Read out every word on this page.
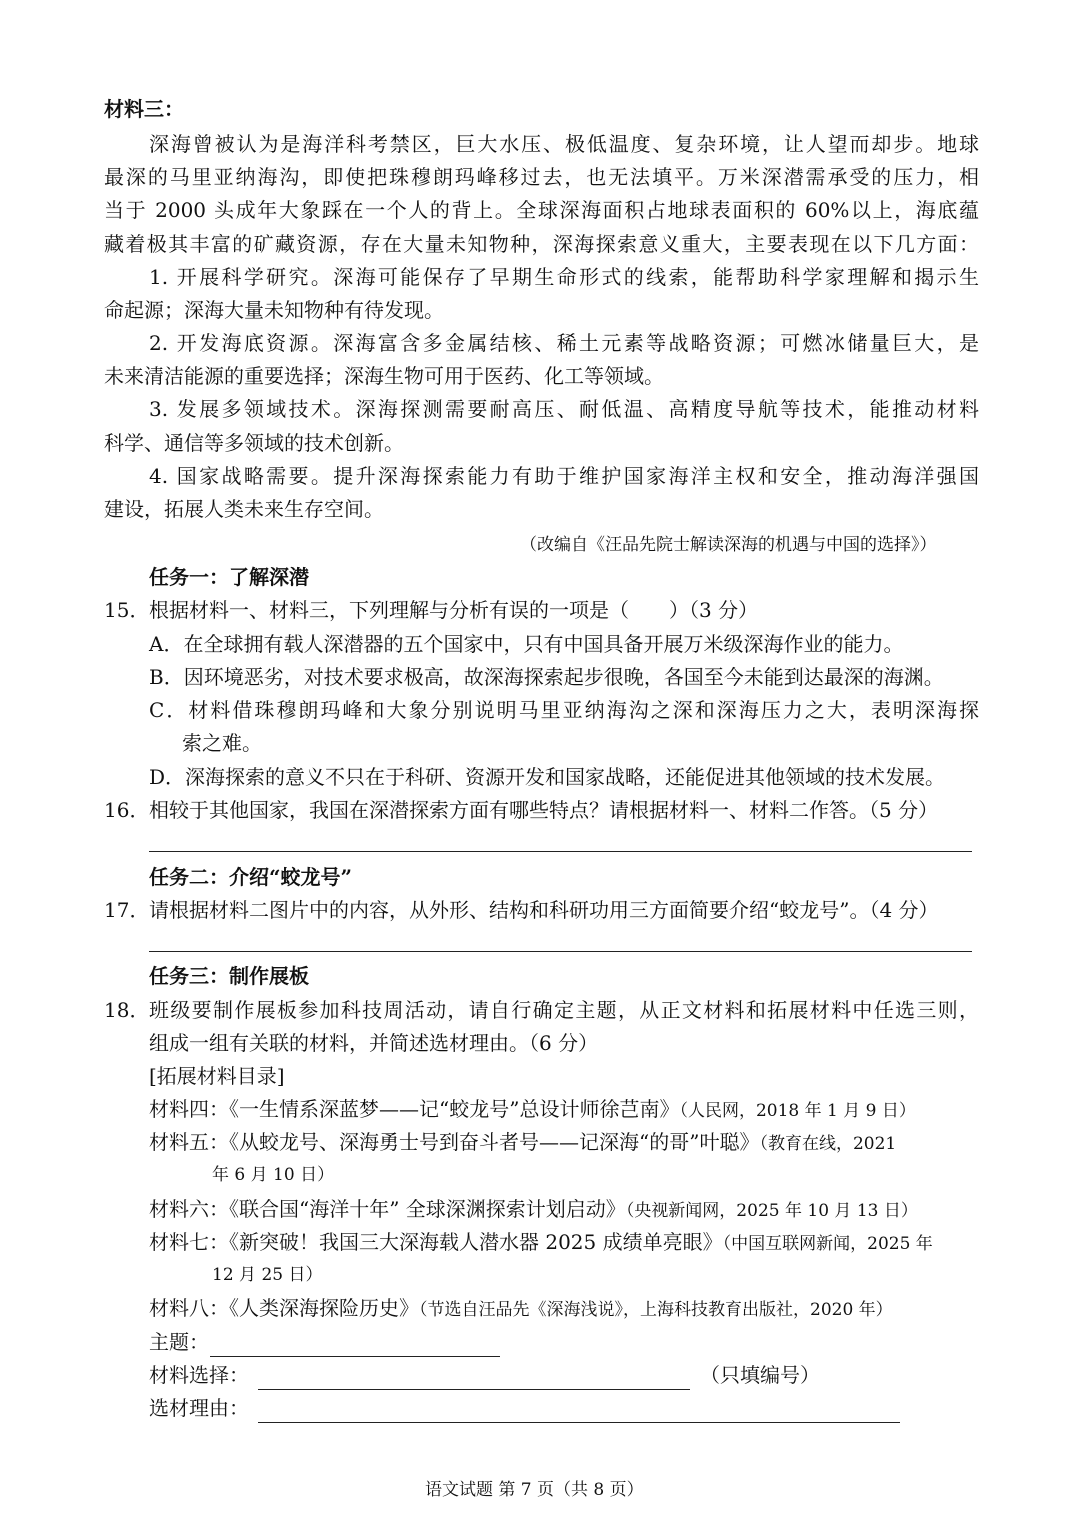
材料三：
深海曾被认为是海洋科考禁区，巨大水压、极低温度、复杂环境，让人望而却步。地球
最深的马里亚纳海沟，即使把珠穆朗玛峰移过去，也无法填平。万米深潜需承受的压力，相
当于 2000 头成年大象踩在一个人的背上。全球深海面积占地球表面积的 60%以上，海底蕴
藏着极其丰富的矿藏资源，存在大量未知物种，深海探索意义重大，主要表现在以下几方面：
1. 开展科学研究。深海可能保存了早期生命形式的线索，能帮助科学家理解和揭示生
命起源；深海大量未知物种有待发现。
2. 开发海底资源。深海富含多金属结核、稀土元素等战略资源；可燃冰储量巨大，是
未来清洁能源的重要选择；深海生物可用于医药、化工等领域。
3. 发展多领域技术。深海探测需要耐高压、耐低温、高精度导航等技术，能推动材料
科学、通信等多领域的技术创新。
4. 国家战略需要。提升深海探索能力有助于维护国家海洋主权和安全，推动海洋强国
建设，拓展人类未来生存空间。
（改编自《汪品先院士解读深海的机遇与中国的选择》）
任务一：了解深潜
15． 根据材料一、材料三，下列理解与分析有误的一项是（　　）（3 分）
A．在全球拥有载人深潜器的五个国家中，只有中国具备开展万米级深海作业的能力。
B．因环境恶劣，对技术要求极高，故深海探索起步很晚，各国至今未能到达最深的海渊。
C．材料借珠穆朗玛峰和大象分别说明马里亚纳海沟之深和深海压力之大，表明深海探
索之难。
D．深海探索的意义不只在于科研、资源开发和国家战略，还能促进其他领域的技术发展。
16． 相较于其他国家，我国在深潜探索方面有哪些特点？请根据材料一、材料二作答。（5 分）
任务二：介绍“蛟龙号”
17． 请根据材料二图片中的内容，从外形、结构和科研功用三方面简要介绍“蛟龙号”。（4 分）
任务三：制作展板
18． 班级要制作展板参加科技周活动，请自行确定主题，从正文材料和拓展材料中任选三则，
组成一组有关联的材料，并简述选材理由。（6 分）
[拓展材料目录]
材料四：《一生情系深蓝梦——记“蛟龙号”总设计师徐芑南》（人民网，2018 年 1 月 9 日）
材料五：《从蛟龙号、深海勇士号到奋斗者号——记深海“的哥”叶聪》（教育在线，2021
年 6 月 10 日）
材料六：《联合国“海洋十年” 全球深渊探索计划启动》（央视新闻网，2025 年 10 月 13 日）
材料七：《新突破！我国三大深海载人潜水器 2025 成绩单亮眼》（中国互联网新闻，2025 年
12 月 25 日）
材料八：《人类深海探险历史》（节选自汪品先《深海浅说》，上海科技教育出版社，2020 年）
主题：
材料选择：	（只填编号）
选材理由：
语文试题 第 7 页（共 8 页）
